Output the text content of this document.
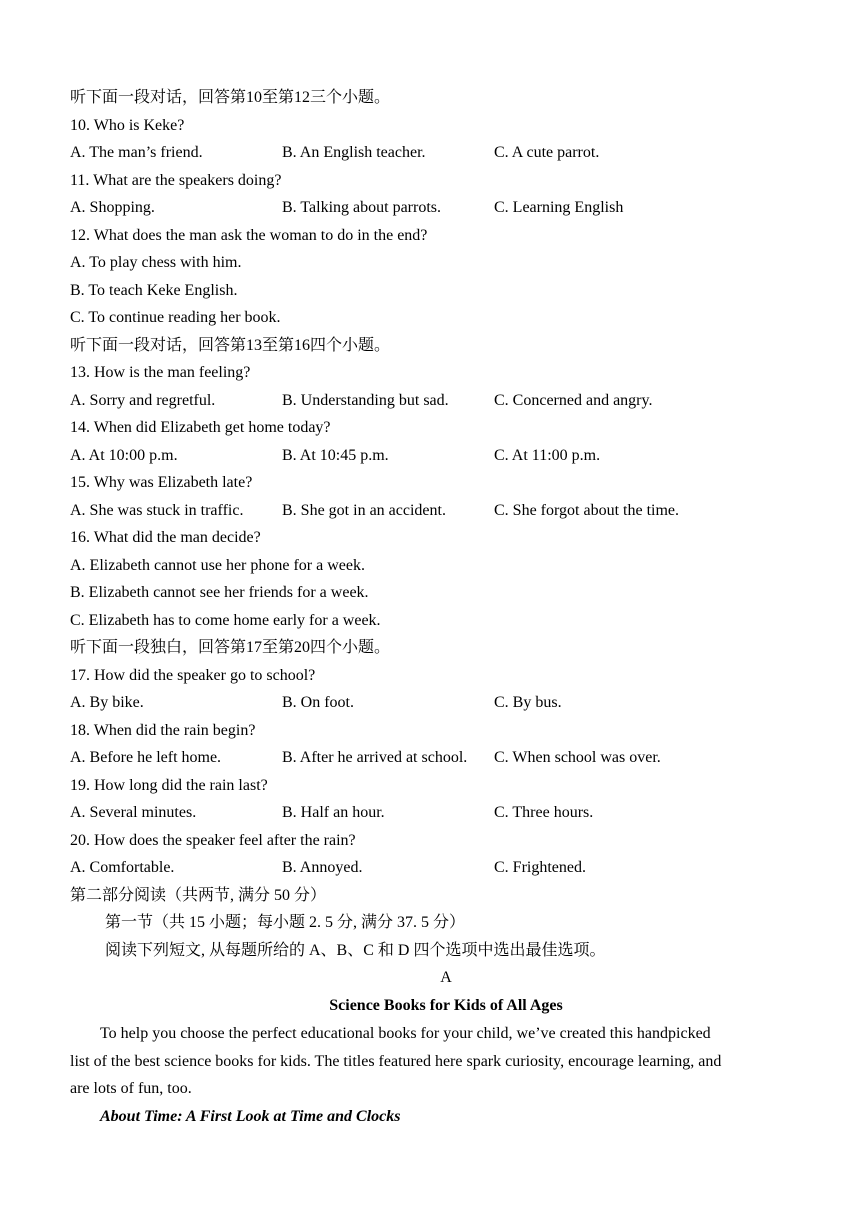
听下面一段对话，回答第10至第12三个小题。
10. Who is Keke?
A. The man’s friend.	B. An English teacher.	C. A cute parrot.
11. What are the speakers doing?
A. Shopping.	B. Talking about parrots.	C. Learning English
12. What does the man ask the woman to do in the end?
A. To play chess with him.
B. To teach Keke English.
C. To continue reading her book.
听下面一段对话，回答第13至第16四个小题。
13. How is the man feeling?
A. Sorry and regretful.	B. Understanding but sad.	C. Concerned and angry.
14. When did Elizabeth get home today?
A. At 10:00 p.m.	B. At 10:45 p.m.	C. At 11:00 p.m.
15. Why was Elizabeth late?
A. She was stuck in traffic. B. She got in an accident.	C. She forgot about the time.
16. What did the man decide?
A. Elizabeth cannot use her phone for a week.
B. Elizabeth cannot see her friends for a week.
C. Elizabeth has to come home early for a week.
听下面一段独白，回答第17至第20四个小题。
17. How did the speaker go to school?
A. By bike.	B. On foot.	C. By bus.
18. When did the rain begin?
A. Before he left home.	B. After he arrived at school. C. When school was over.
19. How long did the rain last?
A. Several minutes.	B. Half an hour.	C. Three hours.
20. How does the speaker feel after the rain?
A. Comfortable.	B. Annoyed.	C. Frightened.
第二部分阅读（共两节, 满分 50 分）
第一节（共 15 小题；每小题 2. 5 分, 满分 37. 5 分）
阅读下列短文, 从每题所给的 A、B、C 和 D 四个选项中选出最佳选项。
A
Science Books for Kids of All Ages
To help you choose the perfect educational books for your child, we’ve created this handpicked
list of the best science books for kids. The titles featured here spark curiosity, encourage learning, and
are lots of fun, too.
About Time: A First Look at Time and Clocks
